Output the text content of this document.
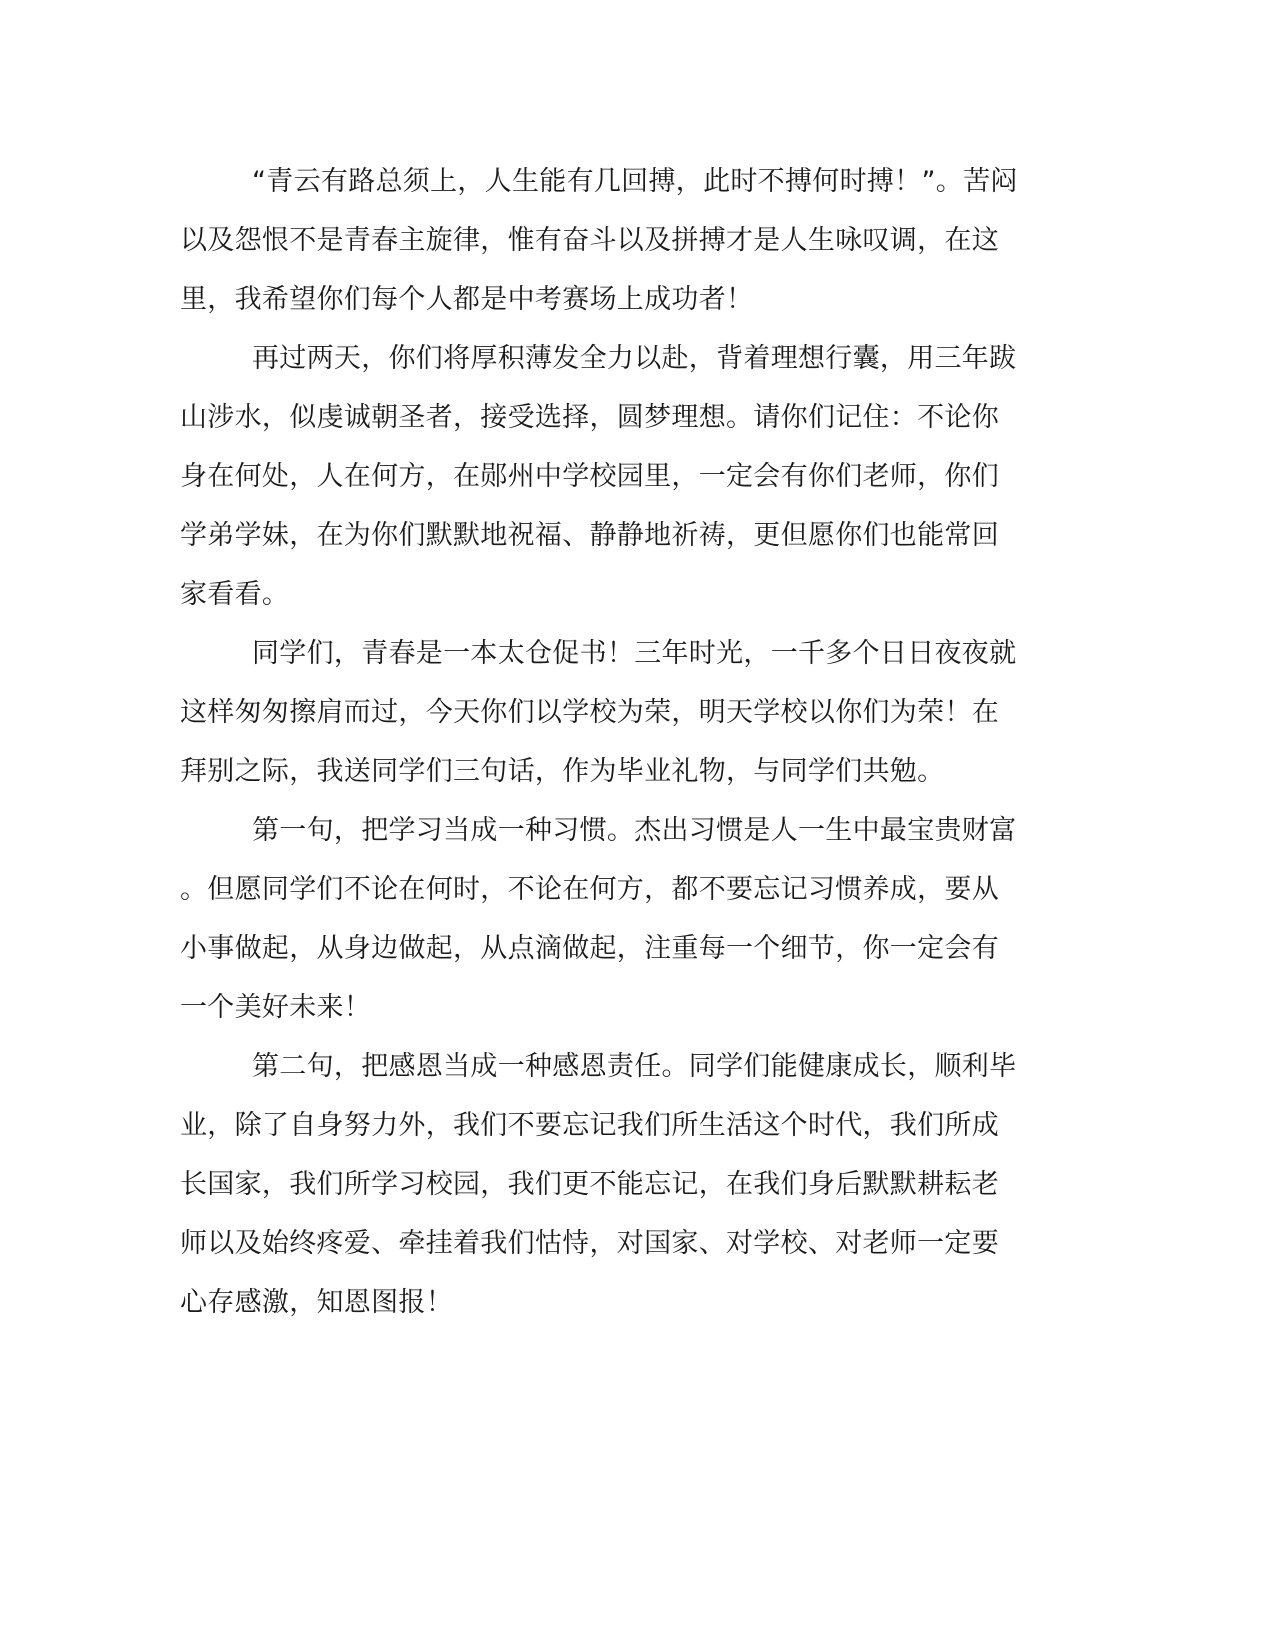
“青云有路总须上，人生能有几回搏，此时不搏何时搏！”。苦闷
以及怨恨不是青春主旋律，惟有奋斗以及拼搏才是人生咏叹调，在这
里，我希望你们每个人都是中考赛场上成功者！
再过两天，你们将厚积薄发全力以赴，背着理想行囊，用三年跋
山涉水，似虔诚朝圣者，接受选择，圆梦理想。请你们记住：不论你
身在何处，人在何方，在郧州中学校园里，一定会有你们老师，你们
学弟学妹，在为你们默默地祝福、静静地祈祷，更但愿你们也能常回
家看看。
同学们，青春是一本太仓促书！三年时光，一千多个日日夜夜就
这样匆匆擦肩而过，今天你们以学校为荣，明天学校以你们为荣！在
拜别之际，我送同学们三句话，作为毕业礼物，与同学们共勉。
第一句，把学习当成一种习惯。杰出习惯是人一生中最宝贵财富
。但愿同学们不论在何时，不论在何方，都不要忘记习惯养成，要从
小事做起，从身边做起，从点滴做起，注重每一个细节，你一定会有
一个美好未来！
第二句，把感恩当成一种感恩责任。同学们能健康成长，顺利毕
业，除了自身努力外，我们不要忘记我们所生活这个时代，我们所成
长国家，我们所学习校园，我们更不能忘记，在我们身后默默耕耘老
师以及始终疼爱、牵挂着我们怙恃，对国家、对学校、对老师一定要
心存感激，知恩图报！
